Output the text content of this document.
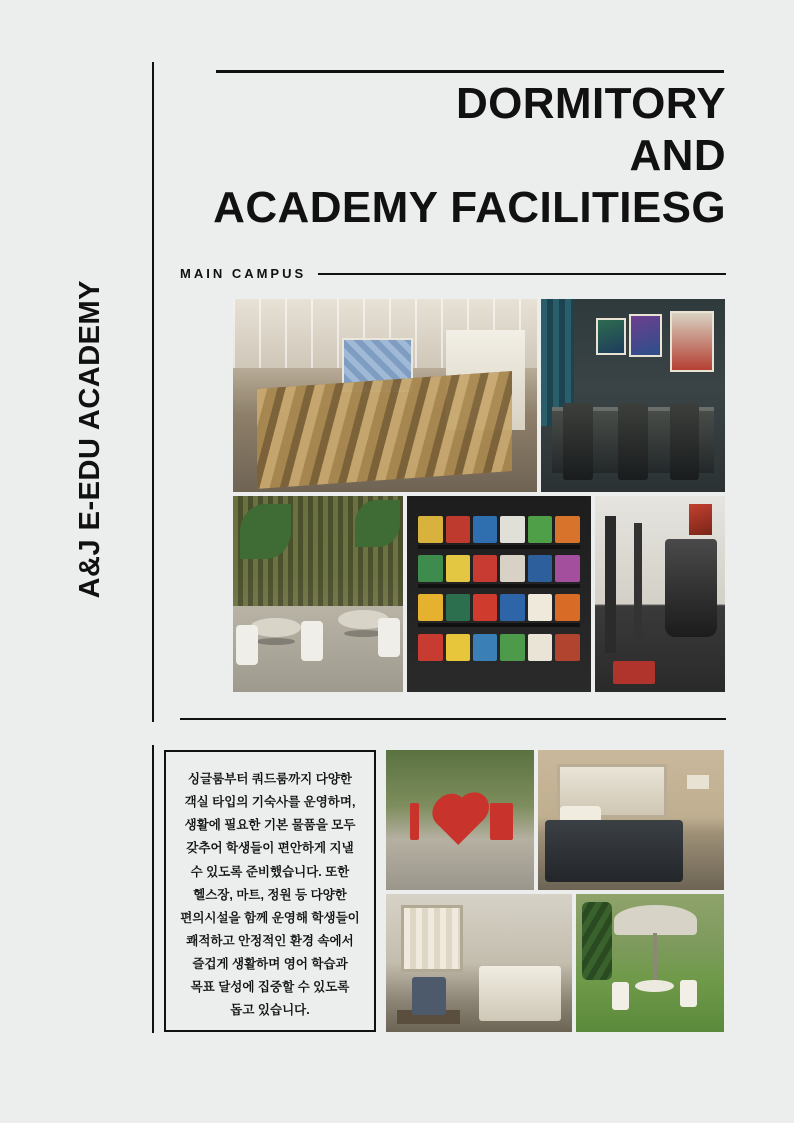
A&J E-EDU ACADEMY
DORMITORY
AND
ACADEMY FACILITIESG
MAIN CAMPUS

싱글룸부터 쿼드룸까지 다양한 객실 타입의 기숙사를 운영하며, 생활에 필요한 기본 물품을 모두 갖추어 학생들이 편안하게 지낼 수 있도록 준비했습니다. 또한 헬스장, 마트, 정원 등 다양한 편의시설을 함께 운영해 학생들이 쾌적하고 안정적인 환경 속에서 즐겁게 생활하며 영어 학습과 목표 달성에 집중할 수 있도록 돕고 있습니다.
